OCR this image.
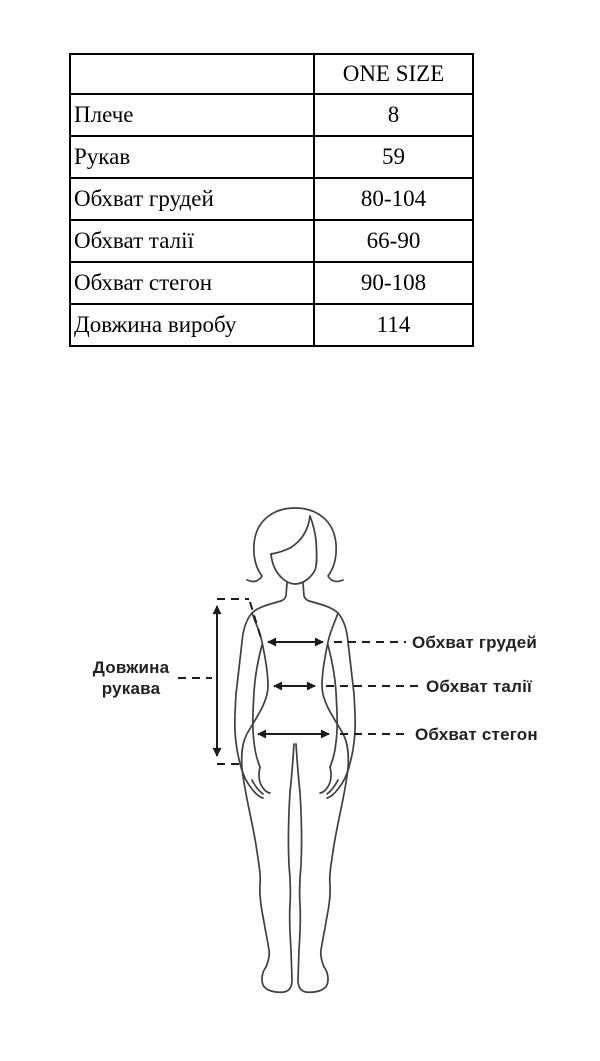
	ONE SIZE
Плече	8
Рукав	59
Обхват грудей	80-104
Обхват талії	66-90
Обхват стегон	90-108
Довжина виробу	114
Довжина
рукава
Обхват грудей
Обхват талії
Обхват стегон
